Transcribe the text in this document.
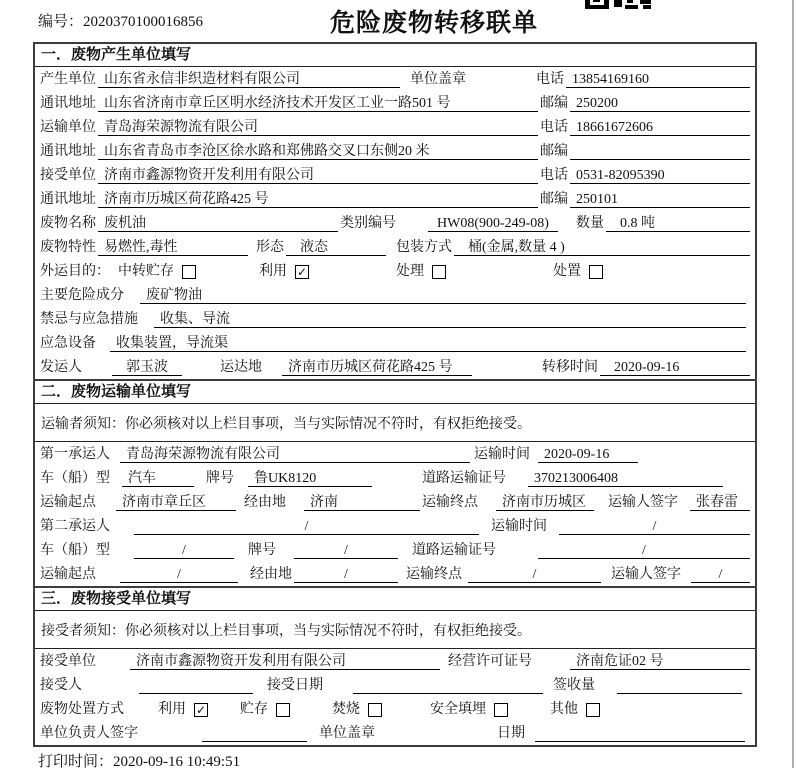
编号：2020370100016856	危险废物转移联单
一．废物产生单位填写
产生单位 山东省永信非织造材料有限公司	单位盖章	电话 13854169160
通讯地址 山东省济南市章丘区明水经济技术开发区工业一路501 号	邮编 250200
运输单位 青岛海荣源物流有限公司	电话 18661672606
通讯地址 山东省青岛市李沧区徐水路和郑佛路交叉口东侧20 米	邮编
接受单位 济南市鑫源物资开发利用有限公司	电话 0531-82095390
通讯地址 济南市历城区荷花路425 号	邮编 250101
废物名称 废机油	类别编号	HW08(900-249-08)	数量	0.8 吨
废物特性 易燃性,毒性	形态	液态	包装方式	桶(金属,数量 4 )
外运目的： 中转贮存	利用 ✓	处理	处置
主要危险成分	废矿物油
禁忌与应急措施	收集、导流
应急设备	收集装置，导流渠
发运人	郭玉波	运达地	济南市历城区荷花路425 号	转移时间	2020-09-16
二．废物运输单位填写
运输者须知：你必须核对以上栏目事项，当与实际情况不符时，有权拒绝接受。
第一承运人	青岛海荣源物流有限公司	运输时间	2020-09-16
车（船）型	汽车	牌号	鲁UK8120	道路运输证号	370213006408
运输起点	济南市章丘区	经由地	济南	运输终点	济南市历城区	运输人签字	张春雷
第二承运人	/	运输时间	/
车（船）型	/	牌号	/	道路运输证号	/
运输起点	/	经由地	/	运输终点	/	运输人签字	/
三．废物接受单位填写
接受者须知：你必须核对以上栏目事项，当与实际情况不符时，有权拒绝接受。
接受单位	济南市鑫源物资开发利用有限公司	经营许可证号	济南危证02 号
接受人	接受日期	签收量
废物处置方式 利用 ✓ 贮存	焚烧	安全填埋	其他
单位负责人签字	单位盖章	日期
打印时间：2020-09-16 10:49:51
